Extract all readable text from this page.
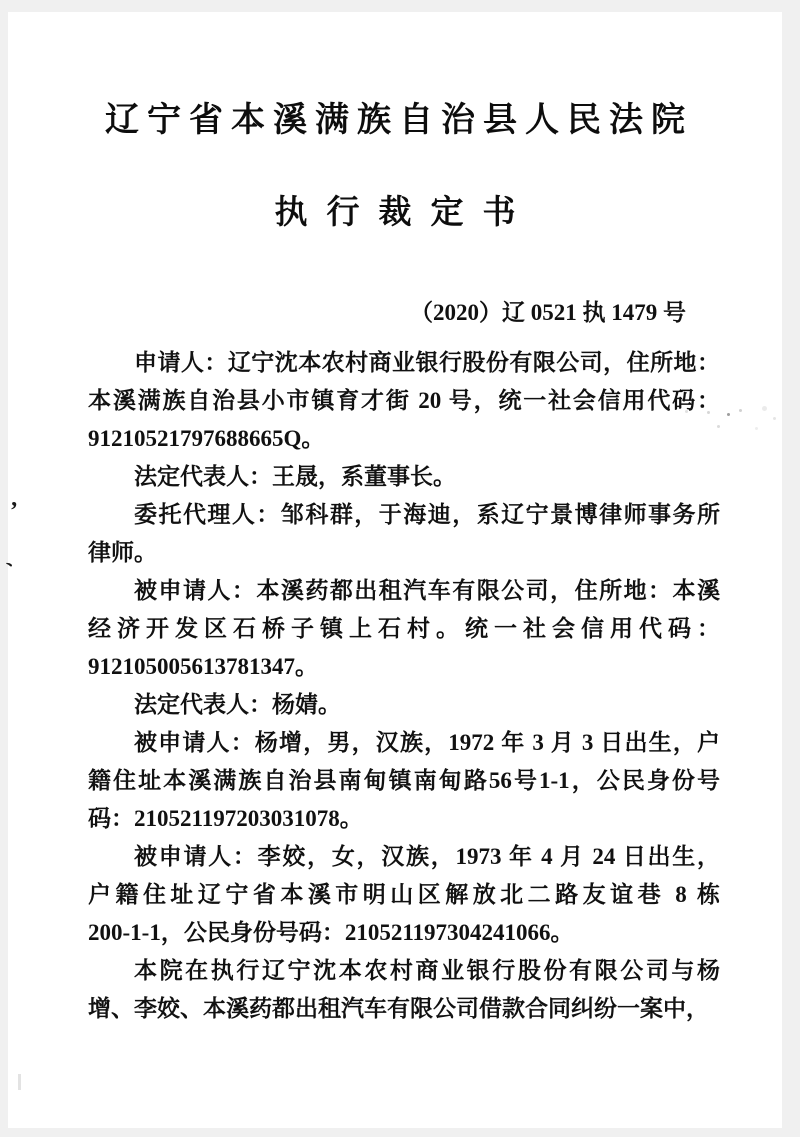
辽宁省本溪满族自治县人民法院
执行裁定书
（2020）辽 0521 执 1479 号

申请人：辽宁沈本农村商业银行股份有限公司，住所地：
本溪满族自治县小市镇育才街 20 号，统一社会信用代码：
91210521797688665Q。

法定代表人：王晟，系董事长。

委托代理人：邹科群，于海迪，系辽宁景博律师事务所
律师。

被申请人：本溪药都出租汽车有限公司，住所地：本溪
经济开发区石桥子镇上石村。统一社会信用代码：
912105005613781347。

法定代表人：杨婧。

被申请人：杨增，男，汉族，1972 年 3 月 3 日出生，户
籍住址本溪满族自治县南甸镇南甸路56号1-1，公民身份号
码：210521197203031078。

被申请人：李姣，女，汉族，1973 年 4 月 24 日出生，
户籍住址辽宁省本溪市明山区解放北二路友谊巷 8 栋
200-1-1，公民身份号码：210521197304241066。

本院在执行辽宁沈本农村商业银行股份有限公司与杨
增、李姣、本溪药都出租汽车有限公司借款合同纠纷一案中，

’
、
